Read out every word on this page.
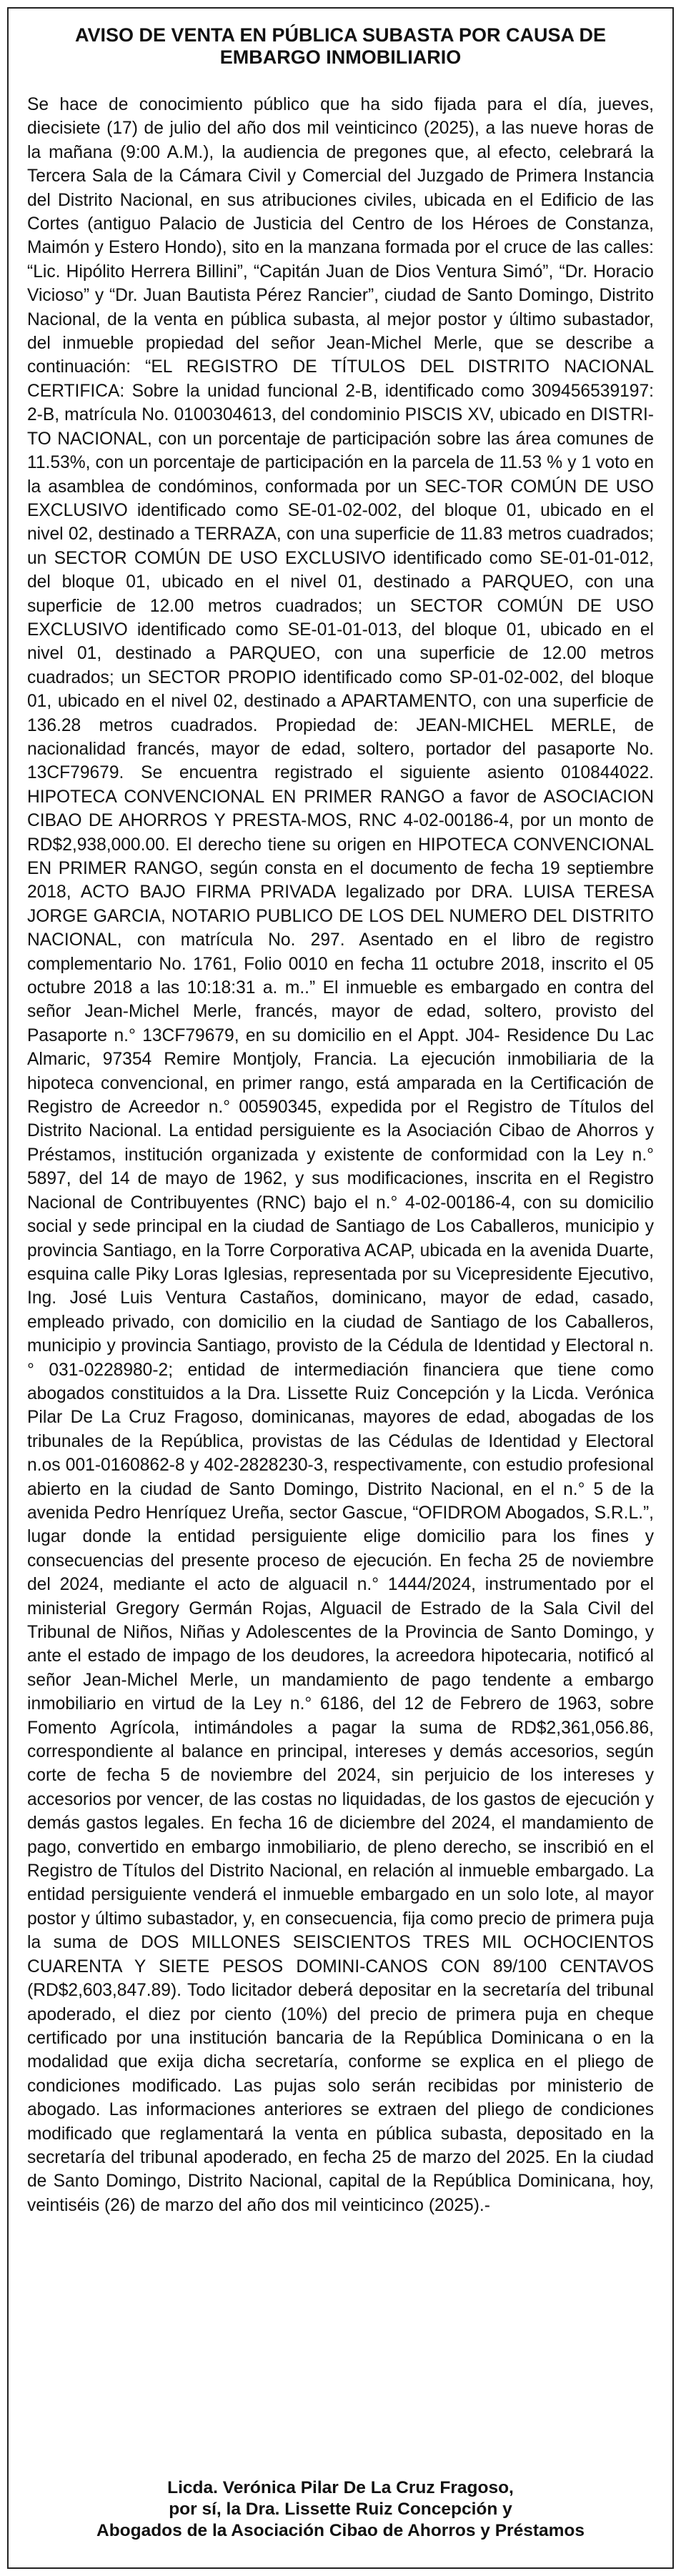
AVISO DE VENTA EN PÚBLICA SUBASTA POR CAUSA DE EMBARGO INMOBILIARIO
Se hace de conocimiento público que ha sido fijada para el día, jueves, diecisiete (17) de julio del año dos mil veinticinco (2025), a las nueve horas de la mañana (9:00 A.M.), la audiencia de pregones que, al efecto, celebrará la Tercera Sala de la Cámara Civil y Comercial del Juzgado de Primera Instancia del Distrito Nacional, en sus atribuciones civiles, ubicada en el Edificio de las Cortes (antiguo Palacio de Justicia del Centro de los Héroes de Constanza, Maimón y Estero Hondo), sito en la manzana formada por el cruce de las calles: “Lic. Hipólito Herrera Billini”, “Capitán Juan de Dios Ventura Simó”, “Dr. Horacio Vicioso” y “Dr. Juan Bautista Pérez Rancier”, ciudad de Santo Domingo, Distrito Nacional, de la venta en pública subasta, al mejor postor y último subastador, del inmueble propiedad del señor Jean-Michel Merle, que se describe a continuación: “EL REGISTRO DE TÍTULOS DEL DISTRITO NACIONAL CERTIFICA: Sobre la unidad funcional 2-B, identificado como 309456539197: 2-B, matrícula No. 0100304613, del condominio PISCIS XV, ubicado en DISTRI-TO NACIONAL, con un porcentaje de participación sobre las área comunes de 11.53%, con un porcentaje de participación en la parcela de 11.53 % y 1 voto en la asamblea de condóminos, conformada por un SEC-TOR COMÚN DE USO EXCLUSIVO identificado como SE-01-02-002, del bloque 01, ubicado en el nivel 02, destinado a TERRAZA, con una superficie de 11.83 metros cuadrados; un SECTOR COMÚN DE USO EXCLUSIVO identificado como SE-01-01-012, del bloque 01, ubicado en el nivel 01, destinado a PARQUEO, con una superficie de 12.00 metros cuadrados; un SECTOR COMÚN DE USO EXCLUSIVO identificado como SE-01-01-013, del bloque 01, ubicado en el nivel 01, destinado a PARQUEO, con una superficie de 12.00 metros cuadrados; un SECTOR PROPIO identificado como SP-01-02-002, del bloque 01, ubicado en el nivel 02, destinado a APARTAMENTO, con una superficie de 136.28 metros cuadrados. Propiedad de: JEAN-MICHEL MERLE, de nacionalidad francés, mayor de edad, soltero, portador del pasaporte No. 13CF79679. Se encuentra registrado el siguiente asiento 010844022. HIPOTECA CONVENCIONAL EN PRIMER RANGO a favor de ASOCIACION CIBAO DE AHORROS Y PRESTA-MOS, RNC 4-02-00186-4, por un monto de RD$2,938,000.00. El derecho tiene su origen en HIPOTECA CONVENCIONAL EN PRIMER RANGO, según consta en el documento de fecha 19 septiembre 2018, ACTO BAJO FIRMA PRIVADA legalizado por DRA. LUISA TERESA JORGE GARCIA, NOTARIO PUBLICO DE LOS DEL NUMERO DEL DISTRITO NACIONAL, con matrícula No. 297. Asentado en el libro de registro complementario No. 1761, Folio 0010 en fecha 11 octubre 2018, inscrito el 05 octubre 2018 a las 10:18:31 a. m..” El inmueble es embargado en contra del señor Jean-Michel Merle, francés, mayor de edad, soltero, provisto del Pasaporte n.° 13CF79679, en su domicilio en el Appt. J04- Residence Du Lac Almaric, 97354 Remire Montjoly, Francia. La ejecución inmobiliaria de la hipoteca convencional, en primer rango, está amparada en la Certificación de Registro de Acreedor n.° 00590345, expedida por el Registro de Títulos del Distrito Nacional. La entidad persiguiente es la Asociación Cibao de Ahorros y Préstamos, institución organizada y existente de conformidad con la Ley n.° 5897, del 14 de mayo de 1962, y sus modificaciones, inscrita en el Registro Nacional de Contribuyentes (RNC) bajo el n.° 4-02-00186-4, con su domicilio social y sede principal en la ciudad de Santiago de Los Caballeros, municipio y provincia Santiago, en la Torre Corporativa ACAP, ubicada en la avenida Duarte, esquina calle Piky Loras Iglesias, representada por su Vicepresidente Ejecutivo, Ing. José Luis Ventura Castaños, dominicano, mayor de edad, casado, empleado privado, con domicilio en la ciudad de Santiago de los Caballeros, municipio y provincia Santiago, provisto de la Cédula de Identidad y Electoral n.° 031-0228980-2; entidad de intermediación financiera que tiene como abogados constituidos a la Dra. Lissette Ruiz Concepción y la Licda. Verónica Pilar De La Cruz Fragoso, dominicanas, mayores de edad, abogadas de los tribunales de la República, provistas de las Cédulas de Identidad y Electoral n.os 001-0160862-8 y 402-2828230-3, respectivamente, con estudio profesional abierto en la ciudad de Santo Domingo, Distrito Nacional, en el n.° 5 de la avenida Pedro Henríquez Ureña, sector Gascue, “OFIDROM Abogados, S.R.L.”, lugar donde la entidad persiguiente elige domicilio para los fines y consecuencias del presente proceso de ejecución. En fecha 25 de noviembre del 2024, mediante el acto de alguacil n.° 1444/2024, instrumentado por el ministerial Gregory Germán Rojas, Alguacil de Estrado de la Sala Civil del Tribunal de Niños, Niñas y Adolescentes de la Provincia de Santo Domingo, y ante el estado de impago de los deudores, la acreedora hipotecaria, notificó al señor Jean-Michel Merle, un mandamiento de pago tendente a embargo inmobiliario en virtud de la Ley n.° 6186, del 12 de Febrero de 1963, sobre Fomento Agrícola, intimándoles a pagar la suma de RD$2,361,056.86, correspondiente al balance en principal, intereses y demás accesorios, según corte de fecha 5 de noviembre del 2024, sin perjuicio de los intereses y accesorios por vencer, de las costas no liquidadas, de los gastos de ejecución y demás gastos legales. En fecha 16 de diciembre del 2024, el mandamiento de pago, convertido en embargo inmobiliario, de pleno derecho, se inscribió en el Registro de Títulos del Distrito Nacional, en relación al inmueble embargado. La entidad persiguiente venderá el inmueble embargado en un solo lote, al mayor postor y último subastador, y, en consecuencia, fija como precio de primera puja la suma de DOS MILLONES SEISCIENTOS TRES MIL OCHOCIENTOS CUARENTA Y SIETE PESOS DOMINI-CANOS CON 89/100 CENTAVOS (RD$2,603,847.89). Todo licitador deberá depositar en la secretaría del tribunal apoderado, el diez por ciento (10%) del precio de primera puja en cheque certificado por una institución bancaria de la República Dominicana o en la modalidad que exija dicha secretaría, conforme se explica en el pliego de condiciones modificado. Las pujas solo serán recibidas por ministerio de abogado. Las informaciones anteriores se extraen del pliego de condiciones modificado que reglamentará la venta en pública subasta, depositado en la secretaría del tribunal apoderado, en fecha 25 de marzo del 2025. En la ciudad de Santo Domingo, Distrito Nacional, capital de la República Dominicana, hoy, veintiséis (26) de marzo del año dos mil veinticinco (2025).-
Licda. Verónica Pilar De La Cruz Fragoso,
por sí, la Dra. Lissette Ruiz Concepción y
Abogados de la Asociación Cibao de Ahorros y Préstamos
